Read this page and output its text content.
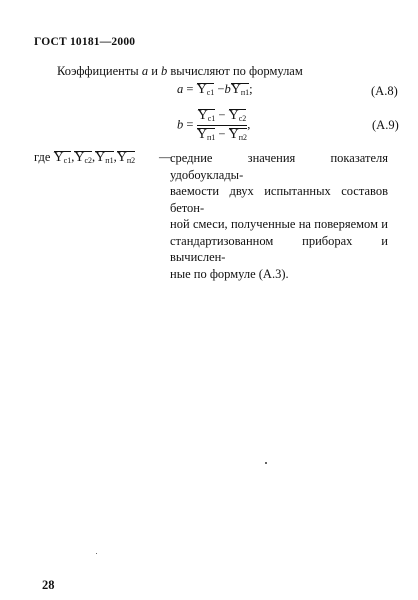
ГОСТ 10181—2000
Коэффициенты a и b вычисляют по формулам
$a = Y_{c1} -bY_{п1}$;	(А.8)
$b = \frac{Y_{c1} - Y_{c2}}{Y_{п1} - Y_{п2}}$ ,	(А.9)
где $Y_{c1},Y_{c2},Y_{п1},Y_{п2}$ —
средние значения показателя удобоуклады-
ваемости двух испытанных составов бетон-
ной смеси, полученные на поверяемом и
стандартизованном приборах и вычислен-
ные по формуле (А.3).
28
